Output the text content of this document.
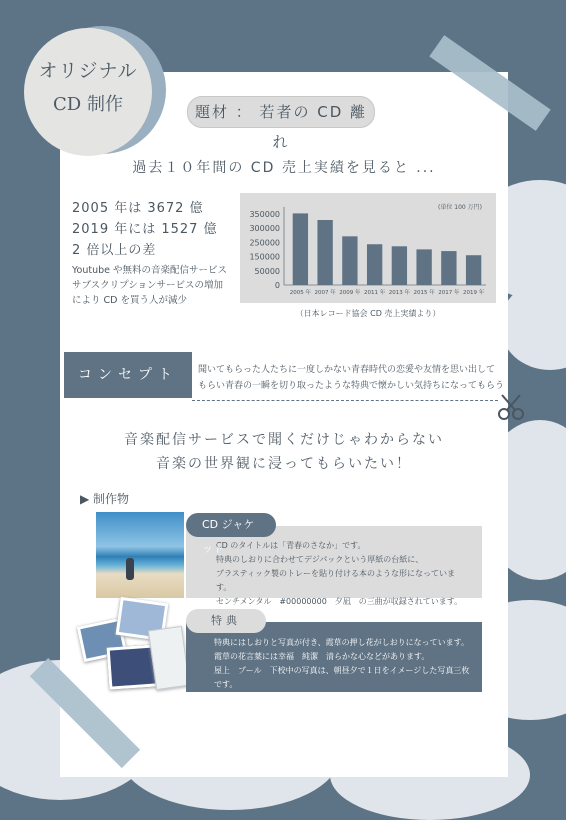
オリジナル
CD 制作	題材 ： 若者の CD 離れ
過去１０年間の CD 売上実績を見ると ...
2005 年は 3672 億
2019 年には 1527 億
2 倍以上の差
Youtube や無料の音楽配信サービス
サブスクリプションサービスの増加
により CD を買う人が減少
350000
300000
250000
150000
50000
0
(単位 100 万円)
2005 年 2007 年 2009 年 2011 年 2013 年 2015 年 2017 年 2019 年
（日本レコード協会 CD 売上実績より）
コンセプト	聞いてもらった人たちに一度しかない青春時代の恋愛や友情を思い出して
もらい青春の一瞬を切り取ったような特典で懐かしい気持ちになってもらう
音楽配信サービスで聞くだけじゃわからない
音楽の世界観に浸ってもらいたい！
▶ 制作物
CD のタイトルは「青春のさなか」です。
特典のしおりに合わせてデジパックという厚紙の台紙に、
プラスティック製のトレーを貼り付ける本のような形になっています。
センチメンタル　#00000000　夕凪　の三曲が収録されています。
CD ジャケット
特典にはしおりと写真が付き、霞草の押し花がしおりになっています。
霞草の花言葉には幸福　純潔　清らかな心などがあります。
屋上　プール　下校中の写真は、朝昼夕で１日をイメージした写真三枚です。
特典
